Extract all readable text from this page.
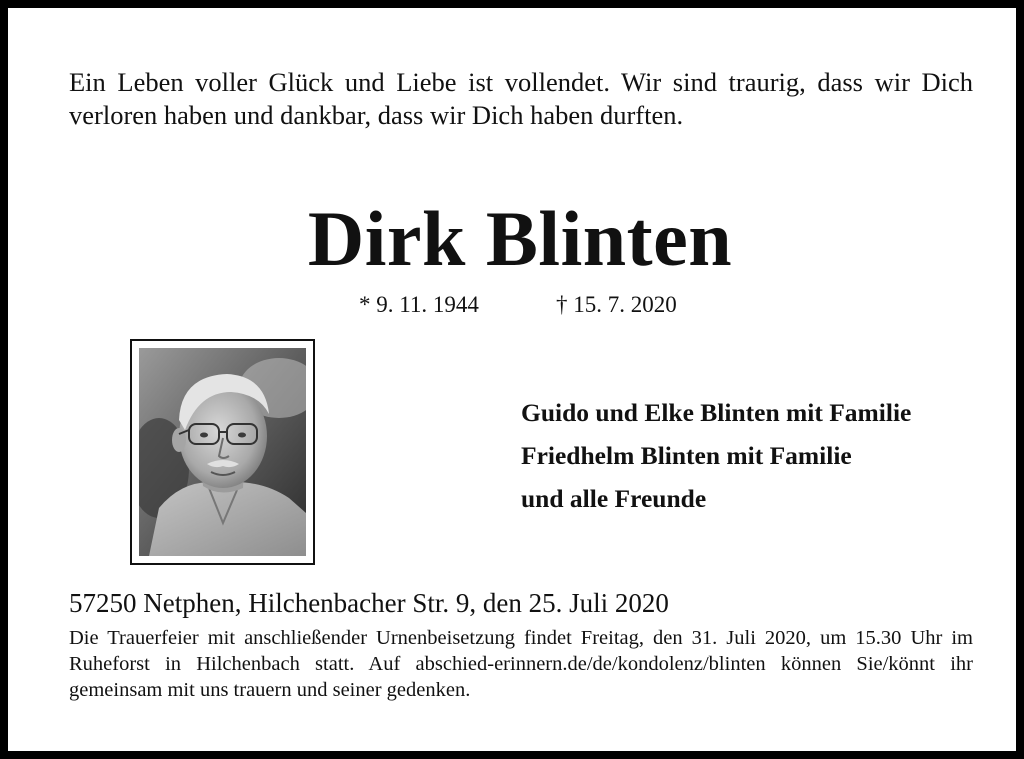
Ein Leben voller Glück und Liebe ist vollendet. Wir sind traurig, dass wir Dich verloren haben und dankbar, dass wir Dich haben durften.

Dirk Blinten
* 9. 11. 1944	† 15. 7. 2020
Guido und Elke Blinten mit Familie
Friedhelm Blinten mit Familie
und alle Freunde

57250 Netphen, Hilchenbacher Str. 9, den 25. Juli 2020

Die Trauerfeier mit anschließender Urnenbeisetzung findet Freitag, den 31. Juli 2020, um 15.30 Uhr im Ruheforst in Hilchenbach statt. Auf abschied-erinnern.de/de/kondolenz/blinten können Sie/könnt ihr gemeinsam mit uns trauern und seiner gedenken.
